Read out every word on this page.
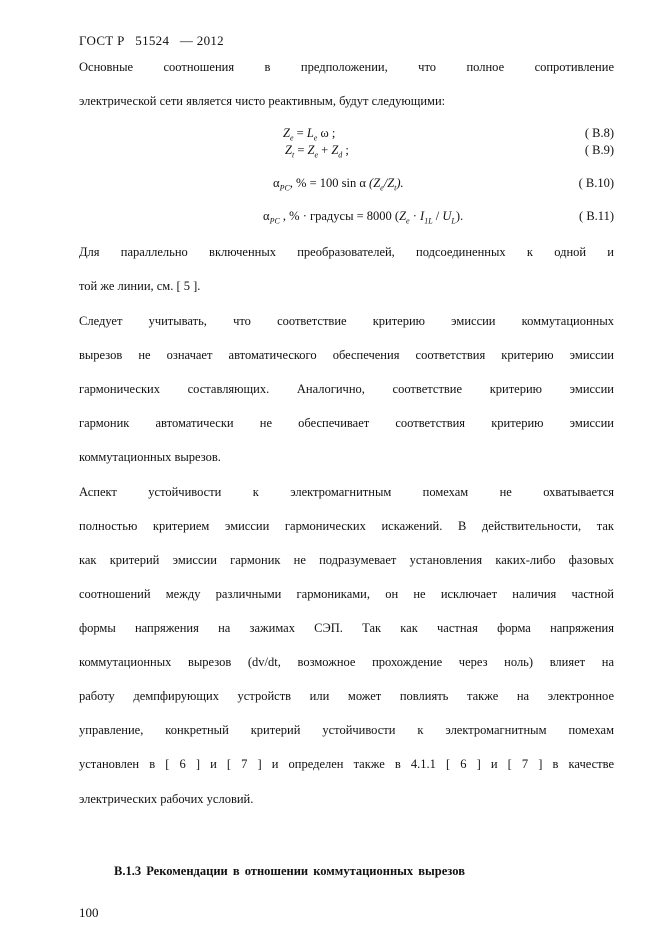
ГОСТ Р   51524   — 2012
Основные соотношения в предположении, что полное сопротивление
электрической сети является чисто реактивным, будут следующими:
$Z_e = L_e$ ω ;	( B.8)
$Z_t = Z_e + Z_d$ ;	( B.9)
$\alpha_{PC}$, % = 100 sin α $(Z_e/Z_t)$.	( B.10)
$\alpha_{PC}$ , % · градусы = 8000 $(Z_e \cdot I_{1L} / U_L)$.	( B.11)
Для параллельно включенных преобразователей, подсоединенных к одной и
той же линии, см. [ 5 ].
Следует учитывать, что соответствие критерию эмиссии коммутационных
вырезов не означает автоматического обеспечения соответствия критерию эмиссии
гармонических составляющих. Аналогично, соответствие критерию эмиссии
гармоник автоматически не обеспечивает соответствия критерию эмиссии
коммутационных вырезов.
Аспект устойчивости к электромагнитным помехам не охватывается
полностью критерием эмиссии гармонических искажений. В действительности, так
как критерий эмиссии гармоник не подразумевает установления каких-либо фазовых
соотношений между различными гармониками, он не исключает наличия частной
формы напряжения на зажимах СЭП. Так как частная форма напряжения
коммутационных вырезов (dv/dt, возможное прохождение через ноль) влияет на
работу демпфирующих устройств или может повлиять также на электронное
управление, конкретный критерий устойчивости к электромагнитным помехам
установлен в [ 6 ] и [ 7 ] и определен также в 4.1.1 [ 6 ] и [ 7 ] в качестве
электрических рабочих условий.
B.1.3 Рекомендации в отношении коммутационных вырезов
100
